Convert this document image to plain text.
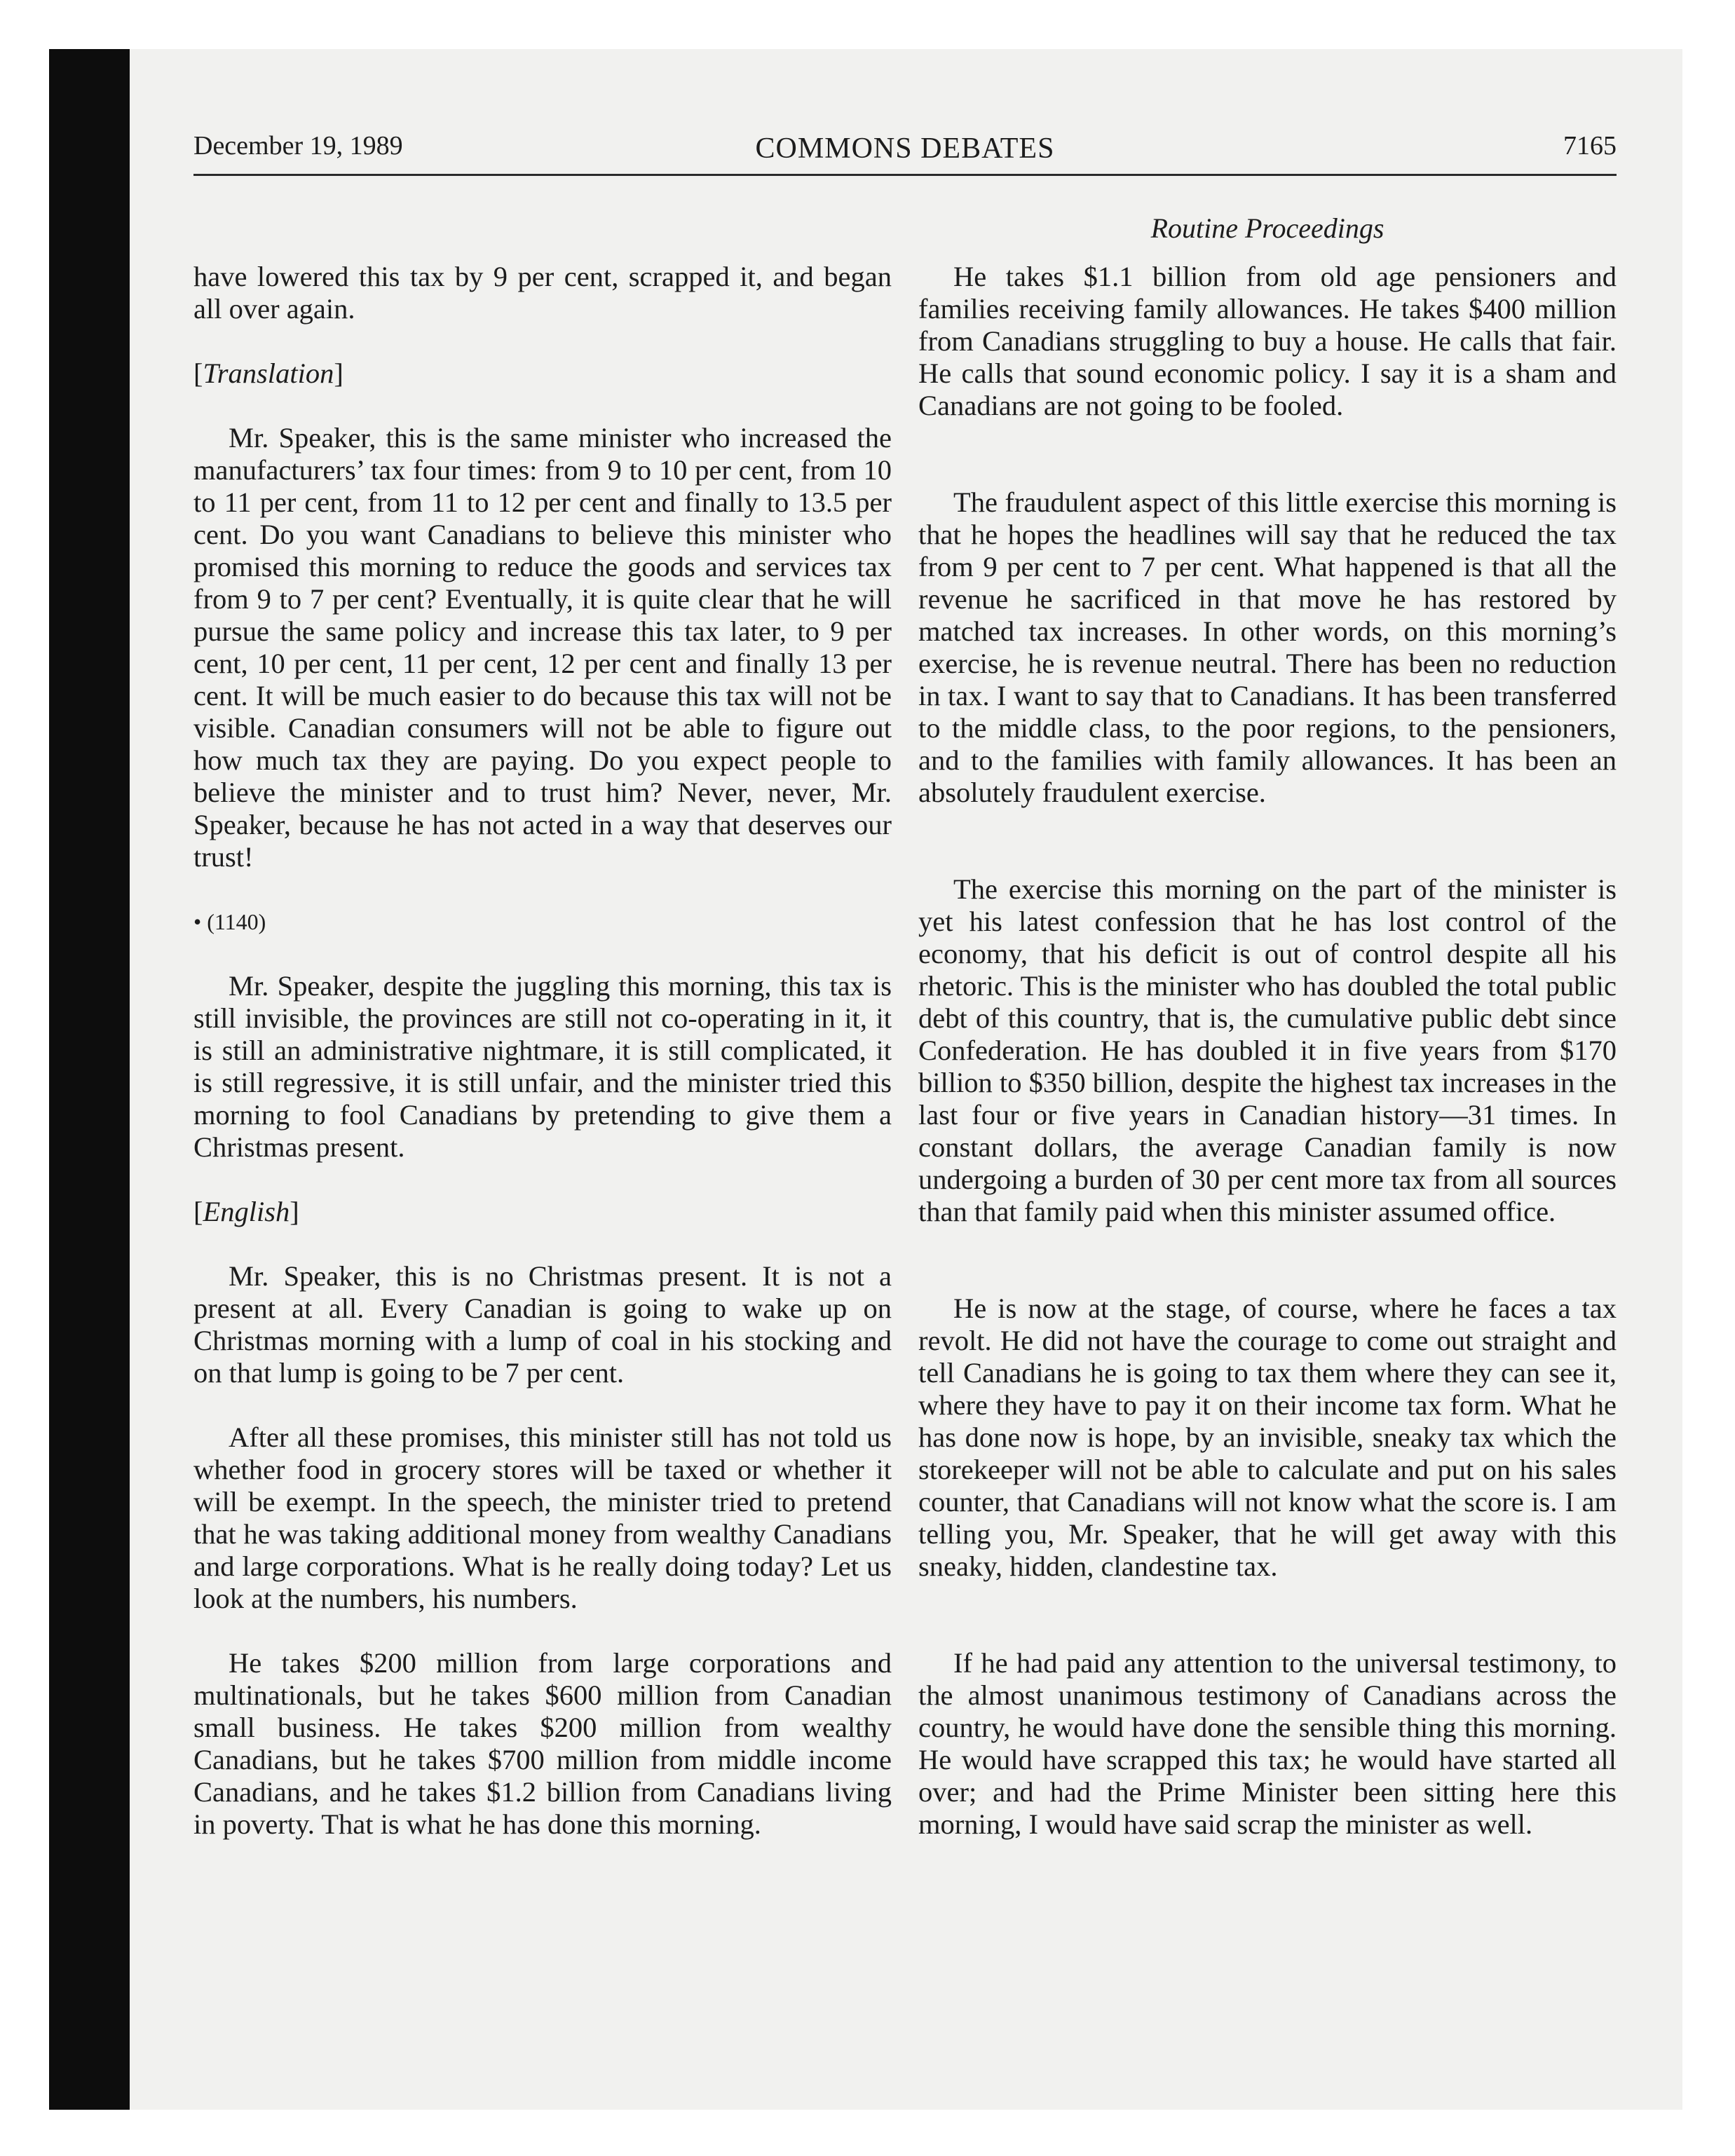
December 19, 1989	COMMONS DEBATES	7165
Routine Proceedings

have lowered this tax by 9 per cent, scrapped it, and began all over again.

[Translation]

Mr. Speaker, this is the same minister who increased the manufacturers’ tax four times: from 9 to 10 per cent, from 10 to 11 per cent, from 11 to 12 per cent and finally to 13.5 per cent. Do you want Canadians to believe this minister who promised this morning to reduce the goods and services tax from 9 to 7 per cent? Eventually, it is quite clear that he will pursue the same policy and increase this tax later, to 9 per cent, 10 per cent, 11 per cent, 12 per cent and finally 13 per cent. It will be much easier to do because this tax will not be visible. Canadian consumers will not be able to figure out how much tax they are paying. Do you expect people to believe the minister and to trust him? Never, never, Mr. Speaker, because he has not acted in a way that deserves our trust!

• (1140)

Mr. Speaker, despite the juggling this morning, this tax is still invisible, the provinces are still not co-operating in it, it is still an administrative nightmare, it is still complicated, it is still regressive, it is still unfair, and the minister tried this morning to fool Canadians by pretending to give them a Christmas present.

[English]

Mr. Speaker, this is no Christmas present. It is not a present at all. Every Canadian is going to wake up on Christmas morning with a lump of coal in his stocking and on that lump is going to be 7 per cent.

After all these promises, this minister still has not told us whether food in grocery stores will be taxed or whether it will be exempt. In the speech, the minister tried to pretend that he was taking additional money from wealthy Canadians and large corporations. What is he really doing today? Let us look at the numbers, his numbers.

He takes $200 million from large corporations and multinationals, but he takes $600 million from Canadian small business. He takes $200 million from wealthy Canadians, but he takes $700 million from middle income Canadians, and he takes $1.2 billion from Canadians living in poverty. That is what he has done this morning.

He takes $1.1 billion from old age pensioners and families receiving family allowances. He takes $400 million from Canadians struggling to buy a house. He calls that fair. He calls that sound economic policy. I say it is a sham and Canadians are not going to be fooled.

The fraudulent aspect of this little exercise this morning is that he hopes the headlines will say that he reduced the tax from 9 per cent to 7 per cent. What happened is that all the revenue he sacrificed in that move he has restored by matched tax increases. In other words, on this morning’s exercise, he is revenue neutral. There has been no reduction in tax. I want to say that to Canadians. It has been transferred to the middle class, to the poor regions, to the pensioners, and to the families with family allowances. It has been an absolutely fraudulent exercise.

The exercise this morning on the part of the minister is yet his latest confession that he has lost control of the economy, that his deficit is out of control despite all his rhetoric. This is the minister who has doubled the total public debt of this country, that is, the cumulative public debt since Confederation. He has doubled it in five years from $170 billion to $350 billion, despite the highest tax increases in the last four or five years in Canadian history—31 times. In constant dollars, the average Canadian family is now undergoing a burden of 30 per cent more tax from all sources than that family paid when this minister assumed office.

He is now at the stage, of course, where he faces a tax revolt. He did not have the courage to come out straight and tell Canadians he is going to tax them where they can see it, where they have to pay it on their income tax form. What he has done now is hope, by an invisible, sneaky tax which the storekeeper will not be able to calculate and put on his sales counter, that Canadians will not know what the score is. I am telling you, Mr. Speaker, that he will get away with this sneaky, hidden, clandestine tax.

If he had paid any attention to the universal testimony, to the almost unanimous testimony of Canadians across the country, he would have done the sensible thing this morning. He would have scrapped this tax; he would have started all over; and had the Prime Minister been sitting here this morning, I would have said scrap the minister as well.
